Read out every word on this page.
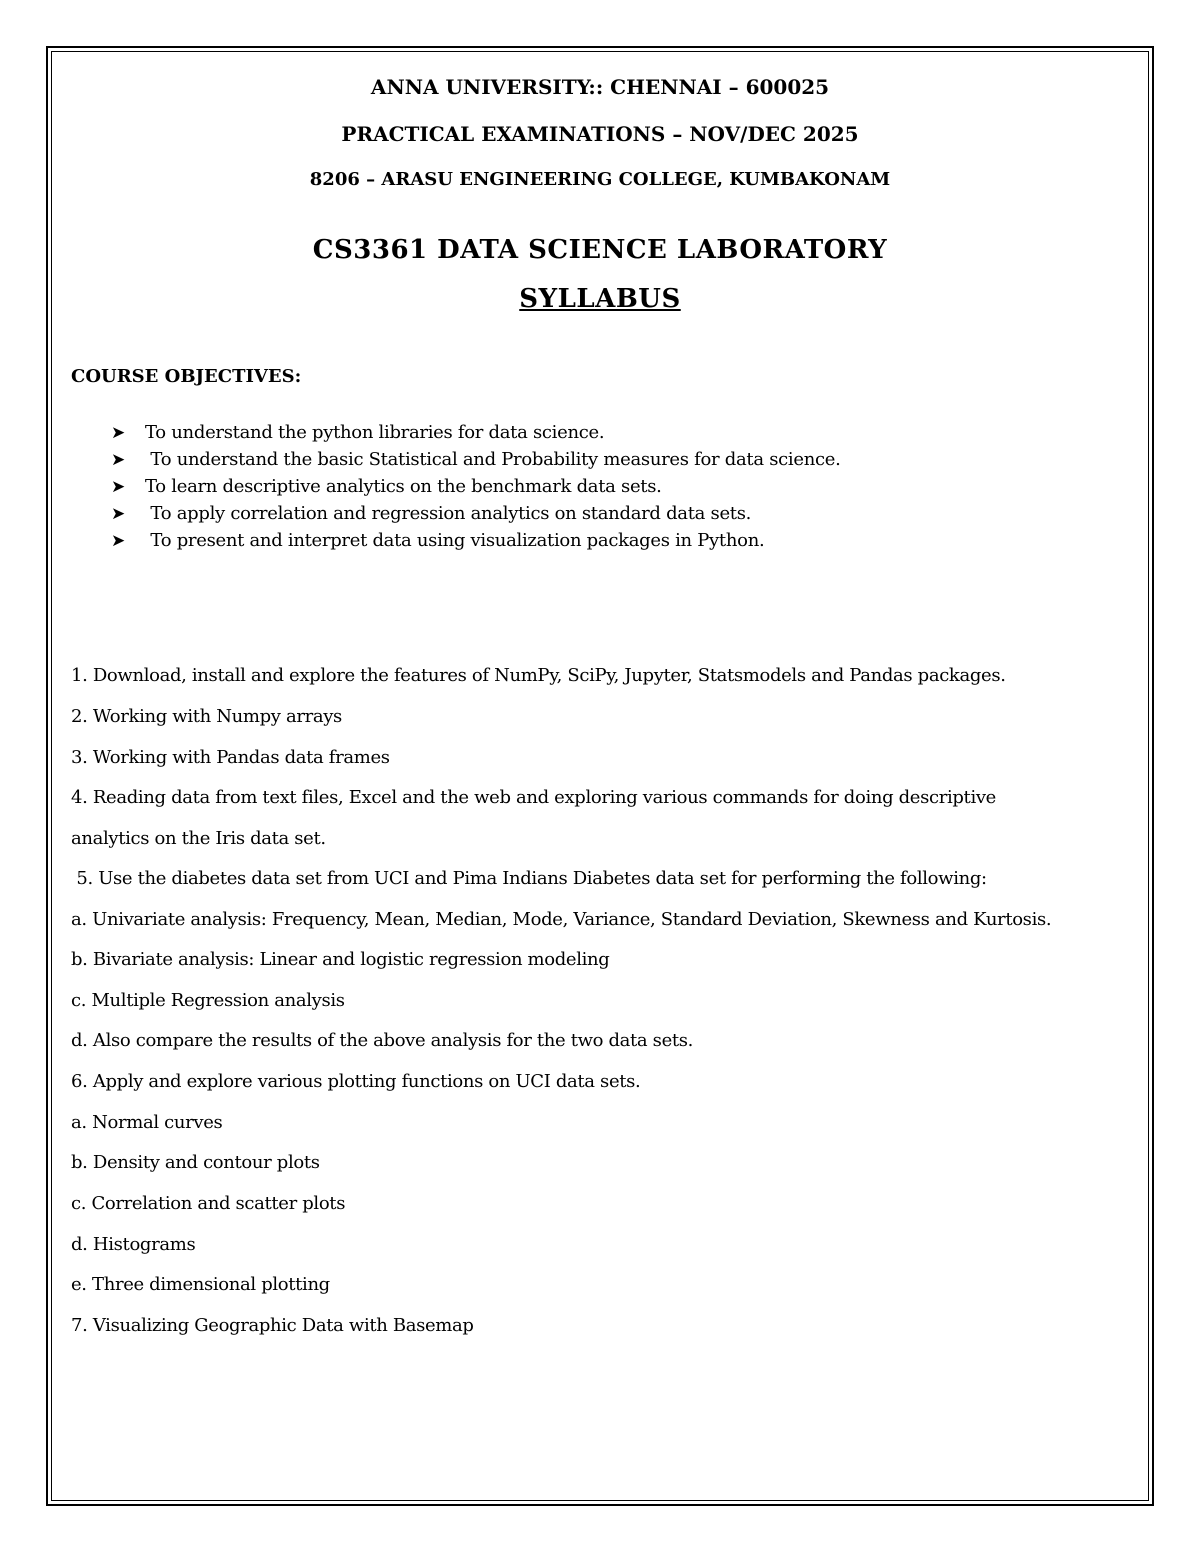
ANNA UNIVERSITY:: CHENNAI – 600025
PRACTICAL EXAMINATIONS – NOV/DEC 2025
8206 – ARASU ENGINEERING COLLEGE, KUMBAKONAM
CS3361 DATA SCIENCE LABORATORY
SYLLABUS
COURSE OBJECTIVES:
➤ To understand the python libraries for data science.
➤ To understand the basic Statistical and Probability measures for data science.
➤ To learn descriptive analytics on the benchmark data sets.
➤ To apply correlation and regression analytics on standard data sets.
➤ To present and interpret data using visualization packages in Python.
1. Download, install and explore the features of NumPy, SciPy, Jupyter, Statsmodels and Pandas packages.
2. Working with Numpy arrays
3. Working with Pandas data frames
4. Reading data from text files, Excel and the web and exploring various commands for doing descriptive
analytics on the Iris data set.
5. Use the diabetes data set from UCI and Pima Indians Diabetes data set for performing the following:
a. Univariate analysis: Frequency, Mean, Median, Mode, Variance, Standard Deviation, Skewness and Kurtosis.
b. Bivariate analysis: Linear and logistic regression modeling
c. Multiple Regression analysis
d. Also compare the results of the above analysis for the two data sets.
6. Apply and explore various plotting functions on UCI data sets.
a. Normal curves
b. Density and contour plots
c. Correlation and scatter plots
d. Histograms
e. Three dimensional plotting
7. Visualizing Geographic Data with Basemap
